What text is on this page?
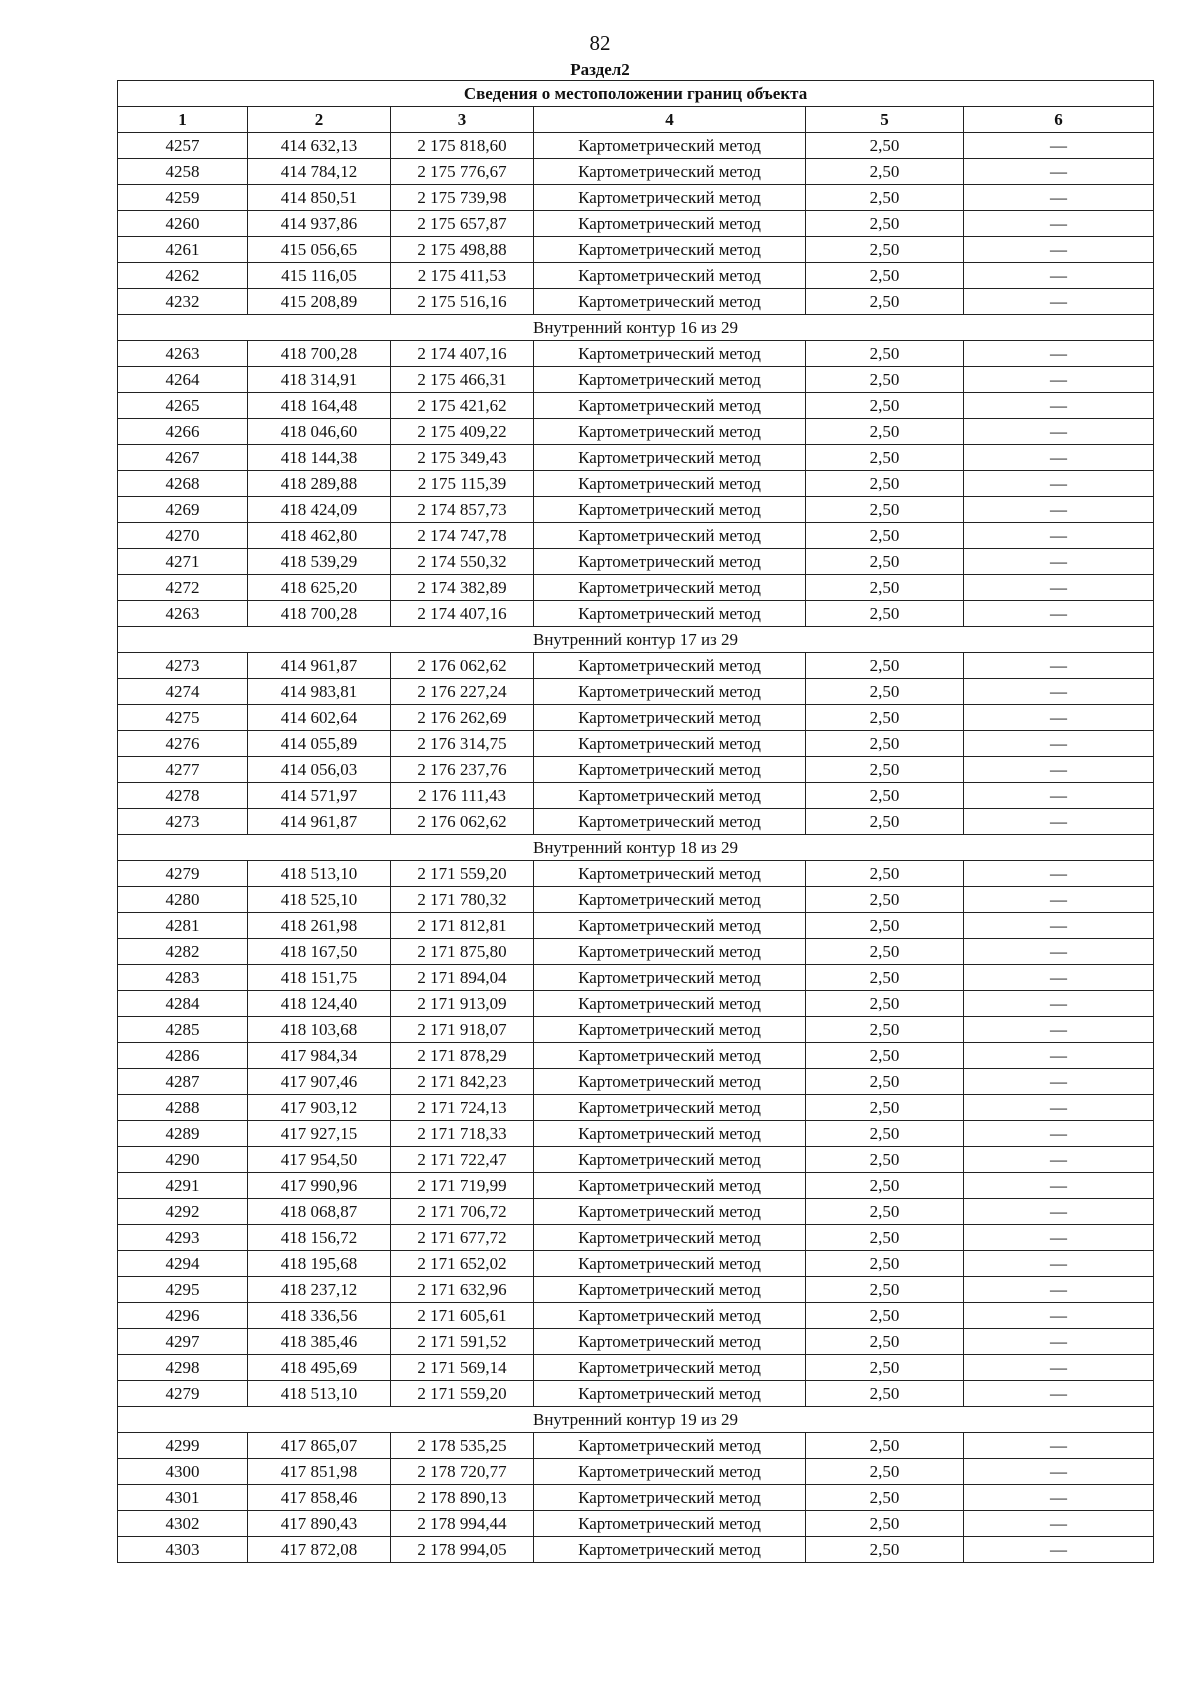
82
Раздел2
Сведения о местоположении границ объекта					
1	2	3	4	5	6
4257	414 632,13	2 175 818,60	Картометрический метод	2,50	—
4258	414 784,12	2 175 776,67	Картометрический метод	2,50	—
4259	414 850,51	2 175 739,98	Картометрический метод	2,50	—
4260	414 937,86	2 175 657,87	Картометрический метод	2,50	—
4261	415 056,65	2 175 498,88	Картометрический метод	2,50	—
4262	415 116,05	2 175 411,53	Картометрический метод	2,50	—
4232	415 208,89	2 175 516,16	Картометрический метод	2,50	—
Внутренний контур 16 из 29					
4263	418 700,28	2 174 407,16	Картометрический метод	2,50	—
4264	418 314,91	2 175 466,31	Картометрический метод	2,50	—
4265	418 164,48	2 175 421,62	Картометрический метод	2,50	—
4266	418 046,60	2 175 409,22	Картометрический метод	2,50	—
4267	418 144,38	2 175 349,43	Картометрический метод	2,50	—
4268	418 289,88	2 175 115,39	Картометрический метод	2,50	—
4269	418 424,09	2 174 857,73	Картометрический метод	2,50	—
4270	418 462,80	2 174 747,78	Картометрический метод	2,50	—
4271	418 539,29	2 174 550,32	Картометрический метод	2,50	—
4272	418 625,20	2 174 382,89	Картометрический метод	2,50	—
4263	418 700,28	2 174 407,16	Картометрический метод	2,50	—
Внутренний контур 17 из 29					
4273	414 961,87	2 176 062,62	Картометрический метод	2,50	—
4274	414 983,81	2 176 227,24	Картометрический метод	2,50	—
4275	414 602,64	2 176 262,69	Картометрический метод	2,50	—
4276	414 055,89	2 176 314,75	Картометрический метод	2,50	—
4277	414 056,03	2 176 237,76	Картометрический метод	2,50	—
4278	414 571,97	2 176 111,43	Картометрический метод	2,50	—
4273	414 961,87	2 176 062,62	Картометрический метод	2,50	—
Внутренний контур 18 из 29					
4279	418 513,10	2 171 559,20	Картометрический метод	2,50	—
4280	418 525,10	2 171 780,32	Картометрический метод	2,50	—
4281	418 261,98	2 171 812,81	Картометрический метод	2,50	—
4282	418 167,50	2 171 875,80	Картометрический метод	2,50	—
4283	418 151,75	2 171 894,04	Картометрический метод	2,50	—
4284	418 124,40	2 171 913,09	Картометрический метод	2,50	—
4285	418 103,68	2 171 918,07	Картометрический метод	2,50	—
4286	417 984,34	2 171 878,29	Картометрический метод	2,50	—
4287	417 907,46	2 171 842,23	Картометрический метод	2,50	—
4288	417 903,12	2 171 724,13	Картометрический метод	2,50	—
4289	417 927,15	2 171 718,33	Картометрический метод	2,50	—
4290	417 954,50	2 171 722,47	Картометрический метод	2,50	—
4291	417 990,96	2 171 719,99	Картометрический метод	2,50	—
4292	418 068,87	2 171 706,72	Картометрический метод	2,50	—
4293	418 156,72	2 171 677,72	Картометрический метод	2,50	—
4294	418 195,68	2 171 652,02	Картометрический метод	2,50	—
4295	418 237,12	2 171 632,96	Картометрический метод	2,50	—
4296	418 336,56	2 171 605,61	Картометрический метод	2,50	—
4297	418 385,46	2 171 591,52	Картометрический метод	2,50	—
4298	418 495,69	2 171 569,14	Картометрический метод	2,50	—
4279	418 513,10	2 171 559,20	Картометрический метод	2,50	—
Внутренний контур 19 из 29					
4299	417 865,07	2 178 535,25	Картометрический метод	2,50	—
4300	417 851,98	2 178 720,77	Картометрический метод	2,50	—
4301	417 858,46	2 178 890,13	Картометрический метод	2,50	—
4302	417 890,43	2 178 994,44	Картометрический метод	2,50	—
4303	417 872,08	2 178 994,05	Картометрический метод	2,50	—
